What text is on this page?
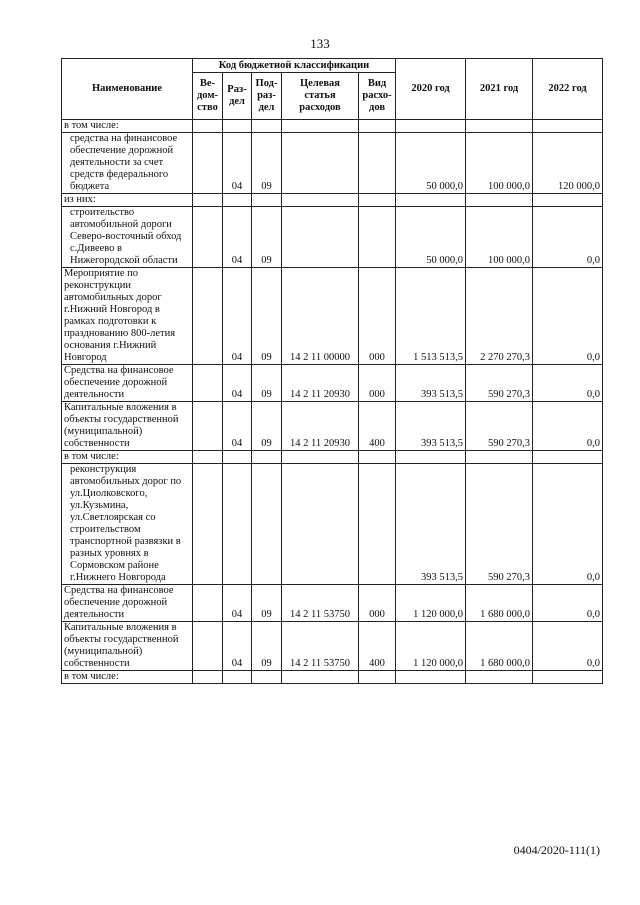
133
Наименование	Код бюджетной классификации					2020 год	2021 год	2022 год
	Ве-дом-ство	Раз-дел	Под-раз-дел	Целевая статья расходов	Вид расхо-дов			
в том числе:								
средства на финансовое обеспечение дорожной деятельности за счет средств федерального бюджета		04	09			50 000,0	100 000,0	120 000,0
из них:								
строительство автомобильной дороги Северо-восточный обход с.Дивеево в Нижегородской области		04	09			50 000,0	100 000,0	0,0
Мероприятие по реконструкции автомобильных дорог г.Нижний Новгород в рамках подготовки к празднованию 800-летия основания г.Нижний Новгород		04	09	14 2 11 00000	000	1 513 513,5	2 270 270,3	0,0
Средства на финансовое обеспечение дорожной деятельности		04	09	14 2 11 20930	000	393 513,5	590 270,3	0,0
Капитальные вложения в объекты государственной (муниципальной) собственности		04	09	14 2 11 20930	400	393 513,5	590 270,3	0,0
в том числе:								
реконструкция автомобильных дорог по ул.Циолковского, ул.Кузьмина, ул.Светлоярская со строительством транспортной развязки в разных уровнях в Сормовском районе г.Нижнего Новгорода						393 513,5	590 270,3	0,0
Средства на финансовое обеспечение дорожной деятельности		04	09	14 2 11 53750	000	1 120 000,0	1 680 000,0	0,0
Капитальные вложения в объекты государственной (муниципальной) собственности		04	09	14 2 11 53750	400	1 120 000,0	1 680 000,0	0,0
в том числе:								
0404/2020-111(1)
